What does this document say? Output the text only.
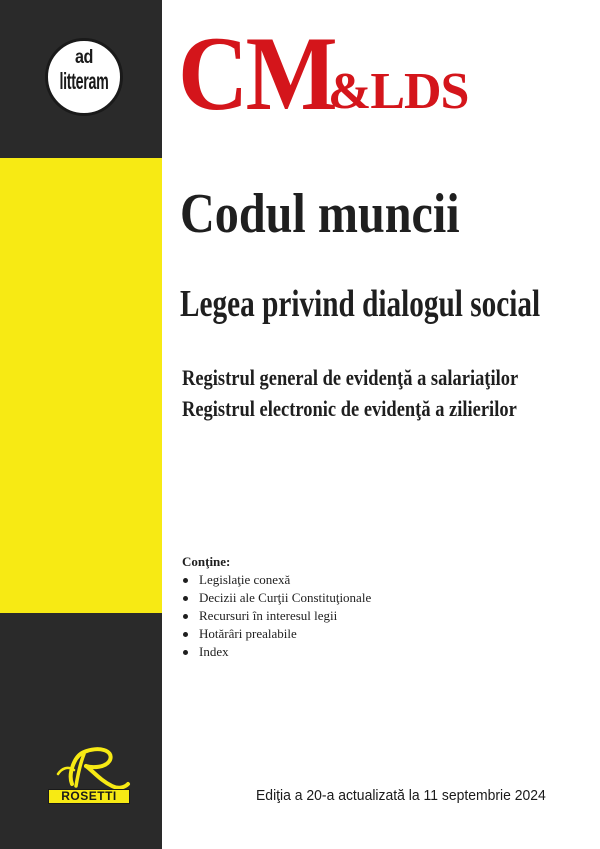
ad
litteram CM
&LDS
Codul muncii
Legea privind dialogul social

Registrul general de evidenţă a salariaţilor

Registrul electronic de evidenţă a zilierilor

Conţine:
Legislaţie conexă
Decizii ale Curţii Constituţionale
Recursuri în interesul legii
Hotărâri prealabile
Index
ROSETTI	Ediţia a 20-a actualizată la 11 septembrie 2024
